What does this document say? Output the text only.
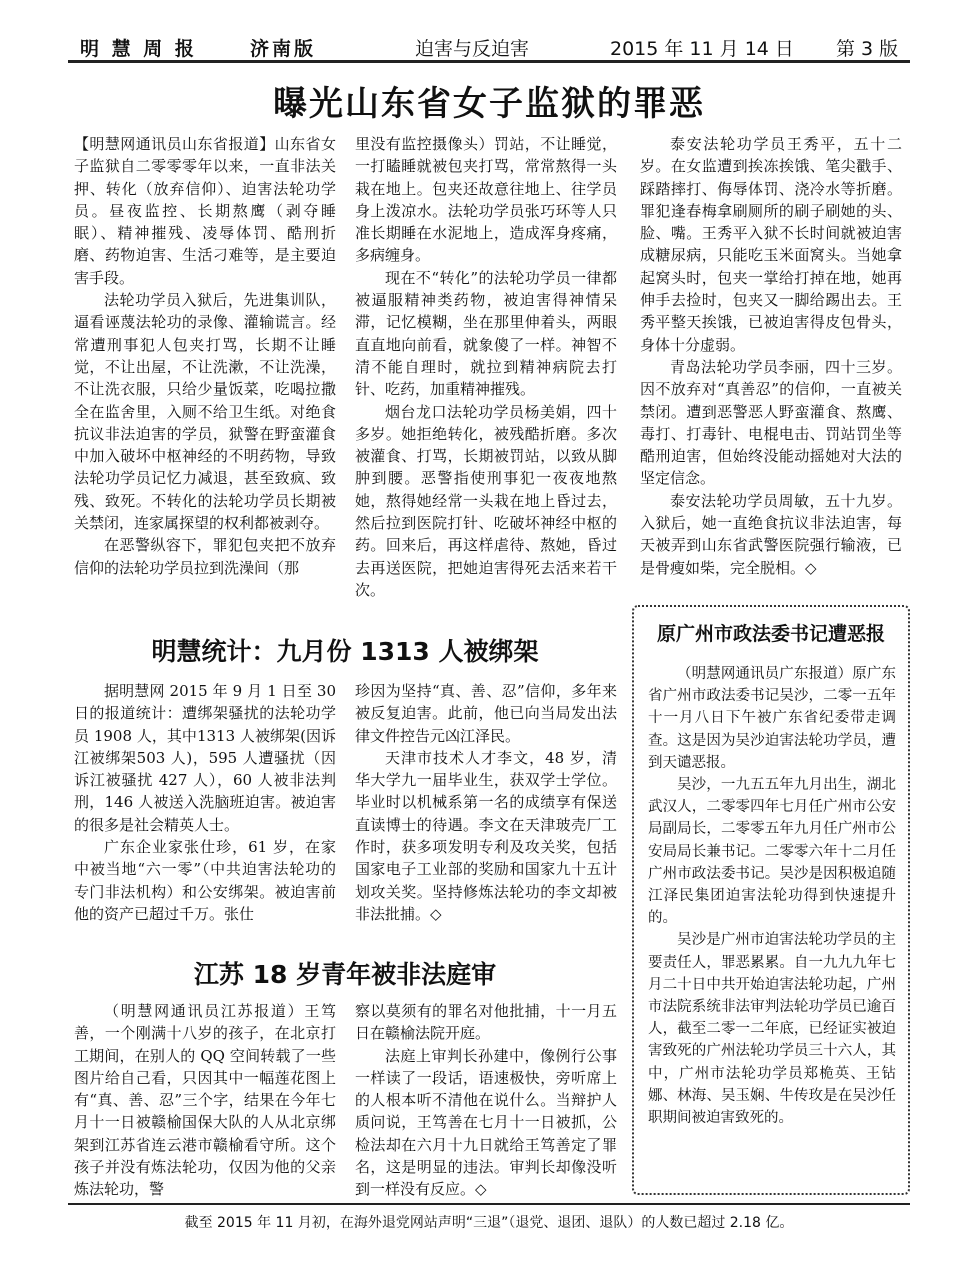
明 慧 周 报	济南版	迫害与反迫害	2015 年 11 月 14 日 第 3 版
曝光山东省女子监狱的罪恶

【明慧网通讯员山东省报道】山东省女子监狱自二零零零年以来，一直非法关押、转化（放弃信仰）、迫害法轮功学员。昼夜监控、长期熬鹰（剥夺睡眠）、精神摧残、凌辱体罚、酷刑折磨、药物迫害、生活刁难等，是主要迫害手段。

法轮功学员入狱后，先进集训队，逼看诬蔑法轮功的录像、灌输谎言。经常遭刑事犯人包夹打骂，长期不让睡觉，不让出屋，不让洗漱，不让洗澡，不让洗衣服，只给少量饭菜，吃喝拉撒全在监舍里，入厕不给卫生纸。对绝食抗议非法迫害的学员，狱警在野蛮灌食中加入破坏中枢神经的不明药物，导致法轮功学员记忆力减退，甚至致疯、致残、致死。不转化的法轮功学员长期被关禁闭，连家属探望的权利都被剥夺。

在恶警纵容下，罪犯包夹把不放弃信仰的法轮功学员拉到洗澡间（那

里没有监控摄像头）罚站，不让睡觉，一打瞌睡就被包夹打骂，常常熬得一头栽在地上。包夹还故意往地上、往学员身上泼凉水。法轮功学员张巧环等人只准长期睡在水泥地上，造成浑身疼痛，多病缠身。

现在不“转化”的法轮功学员一律都被逼服精神类药物，被迫害得神情呆滞，记忆模糊，坐在那里伸着头，两眼直直地向前看，就象傻了一样。神智不清不能自理时，就拉到精神病院去打针、吃药，加重精神摧残。

烟台龙口法轮功学员杨美娟，四十多岁。她拒绝转化，被残酷折磨。多次被灌食、打骂，长期被罚站，以致从脚肿到腰。恶警指使刑事犯一夜夜地熬她，熬得她经常一头栽在地上昏过去，然后拉到医院打针、吃破坏神经中枢的药。回来后，再这样虐待、熬她，昏过去再送医院，把她迫害得死去活来若干次。

泰安法轮功学员王秀平，五十二岁。在女监遭到挨冻挨饿、笔尖戳手、踩踏摔打、侮辱体罚、浇冷水等折磨。罪犯逢春梅拿刷厕所的刷子刷她的头、脸、嘴。王秀平入狱不长时间就被迫害成糖尿病，只能吃玉米面窝头。当她拿起窝头时，包夹一掌给打掉在地，她再伸手去捡时，包夹又一脚给踢出去。王秀平整天挨饿，已被迫害得皮包骨头，身体十分虚弱。

青岛法轮功学员李丽，四十三岁。因不放弃对“真善忍”的信仰，一直被关禁闭。遭到恶警恶人野蛮灌食、熬鹰、毒打、打毒针、电棍电击、罚站罚坐等酷刑迫害，但始终没能动摇她对大法的坚定信念。

泰安法轮功学员周敏，五十九岁。入狱后，她一直绝食抗议非法迫害，每天被弄到山东省武警医院强行输液，已是骨瘦如柴，完全脱相。◇

明慧统计：九月份 1313 人被绑架

据明慧网 2015 年 9 月 1 日至 30 日的报道统计：遭绑架骚扰的法轮功学员 1908 人，其中1313 人被绑架(因诉江被绑架503 人)，595 人遭骚扰（因诉江被骚扰 427 人），60 人被非法判刑，146 人被送入洗脑班迫害。被迫害的很多是社会精英人士。

广东企业家张仕珍，61 岁，在家中被当地“六一零”（中共迫害法轮功的专门非法机构）和公安绑架。被迫害前他的资产已超过千万。张仕

珍因为坚持“真、善、忍”信仰，多年来被反复迫害。此前，他已向当局发出法律文件控告元凶江泽民。

天津市技术人才李文，48 岁，清华大学九一届毕业生，获双学士学位。毕业时以机械系第一名的成绩享有保送直读博士的待遇。李文在天津玻壳厂工作时，获多项发明专利及攻关奖，包括国家电子工业部的奖励和国家九十五计划攻关奖。坚持修炼法轮功的李文却被非法批捕。◇

江苏 18 岁青年被非法庭审

（明慧网通讯员江苏报道）王笃善，一个刚满十八岁的孩子，在北京打工期间，在别人的 QQ 空间转载了一些图片给自己看，只因其中一幅莲花图上有“真、善、忍”三个字，结果在今年七月十一日被赣榆国保大队的人从北京绑架到江苏省连云港市赣榆看守所。这个孩子并没有炼法轮功，仅因为他的父亲炼法轮功，警

察以莫须有的罪名对他批捕，十一月五日在赣榆法院开庭。

法庭上审判长孙建中，像例行公事一样读了一段话，语速极快，旁听席上的人根本听不清他在说什么。当辩护人质问说，王笃善在七月十一日被抓，公检法却在六月十九日就给王笃善定了罪名，这是明显的违法。审判长却像没听到一样没有反应。◇

原广州市政法委书记遭恶报

（明慧网通讯员广东报道）原广东省广州市政法委书记吴沙，二零一五年十一月八日下午被广东省纪委带走调查。这是因为吴沙迫害法轮功学员，遭到天谴恶报。

吴沙，一九五五年九月出生，湖北武汉人，二零零四年七月任广州市公安局副局长，二零零五年九月任广州市公安局局长兼书记。二零零六年十二月任广州市政法委书记。吴沙是因积极追随江泽民集团迫害法轮功得到快速提升的。

吴沙是广州市迫害法轮功学员的主要责任人，罪恶累累。自一九九九年七月二十日中共开始迫害法轮功起，广州市法院系统非法审判法轮功学员已逾百人，截至二零一二年底，已经证实被迫害致死的广州法轮功学员三十六人，其中，广州市法轮功学员郑桅英、王钻娜、林海、吴玉娴、牛传玫是在吴沙任职期间被迫害致死的。

截至 2015 年 11 月初，在海外退党网站声明“三退”（退党、退团、退队）的人数已超过 2.18 亿。
